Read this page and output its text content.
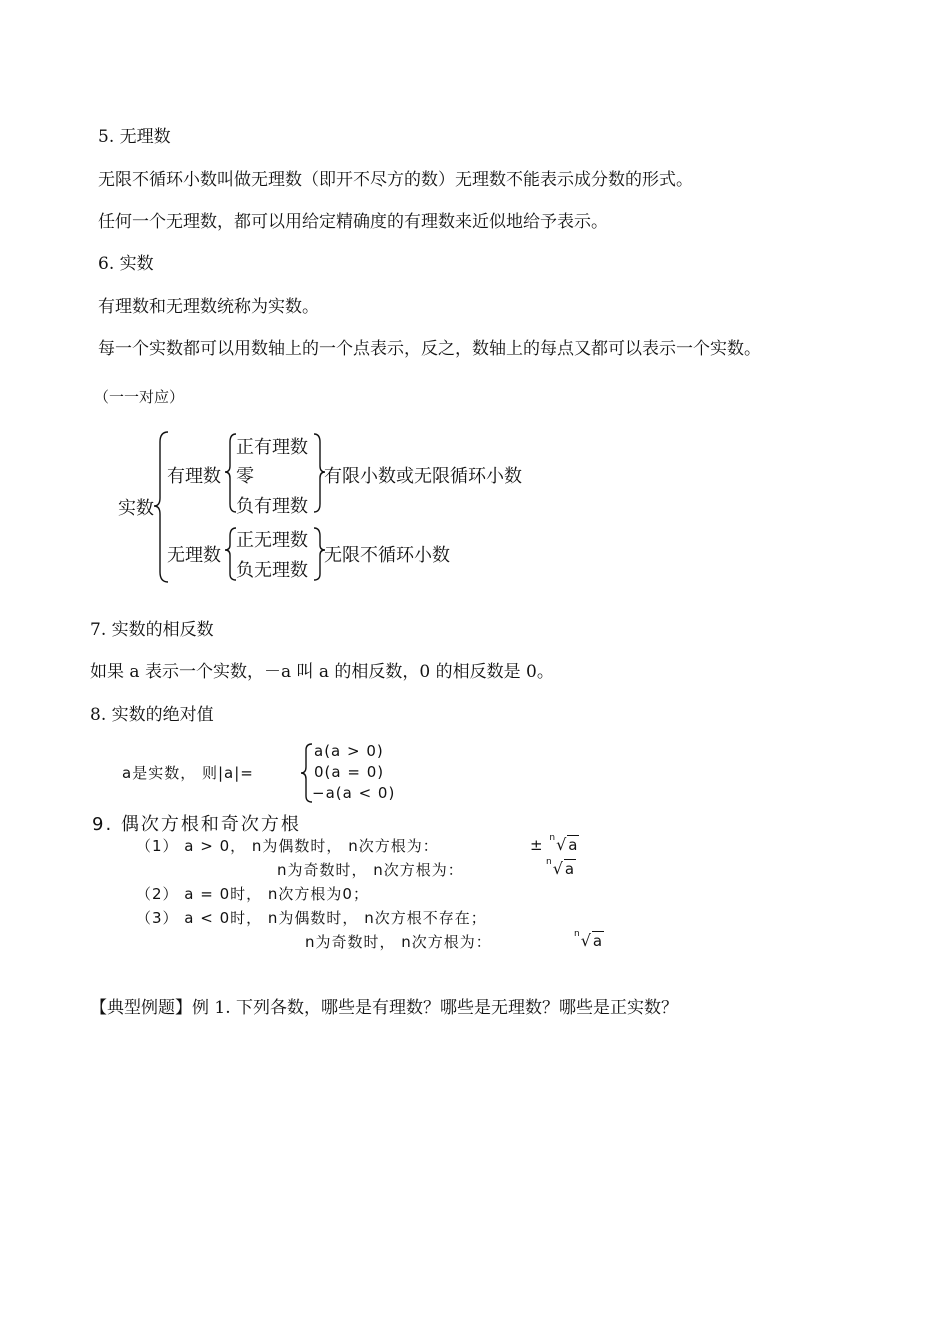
5. 无理数
无限不循环小数叫做无理数（即开不尽方的数）无理数不能表示成分数的形式。
任何一个无理数，都可以用给定精确度的有理数来近似地给予表示。
6. 实数
有理数和无理数统称为实数。
每一个实数都可以用数轴上的一个点表示，反之，数轴上的每点又都可以表示一个实数。
（一一对应）
实数
有理数
正有理数
零
负有理数
有限小数或无限循环小数
无理数
正无理数
负无理数
无限不循环小数
7. 实数的相反数
如果 a 表示一个实数，－a 叫 a 的相反数，0 的相反数是 0。
8. 实数的绝对值
a是实数， 则|a|=
a(a > 0)
0(a = 0)
−a(a < 0)
9. 偶次方根和奇次方根
（1） a > 0， n为偶数时， n次方根为：	± $^n$√a
n为奇数时， n次方根为：	$^n$√a
（2） a = 0时， n次方根为0；
（3） a < 0时， n为偶数时， n次方根不存在；
n为奇数时， n次方根为：	$^n$√a
【典型例题】例 1. 下列各数，哪些是有理数？哪些是无理数？哪些是正实数？
